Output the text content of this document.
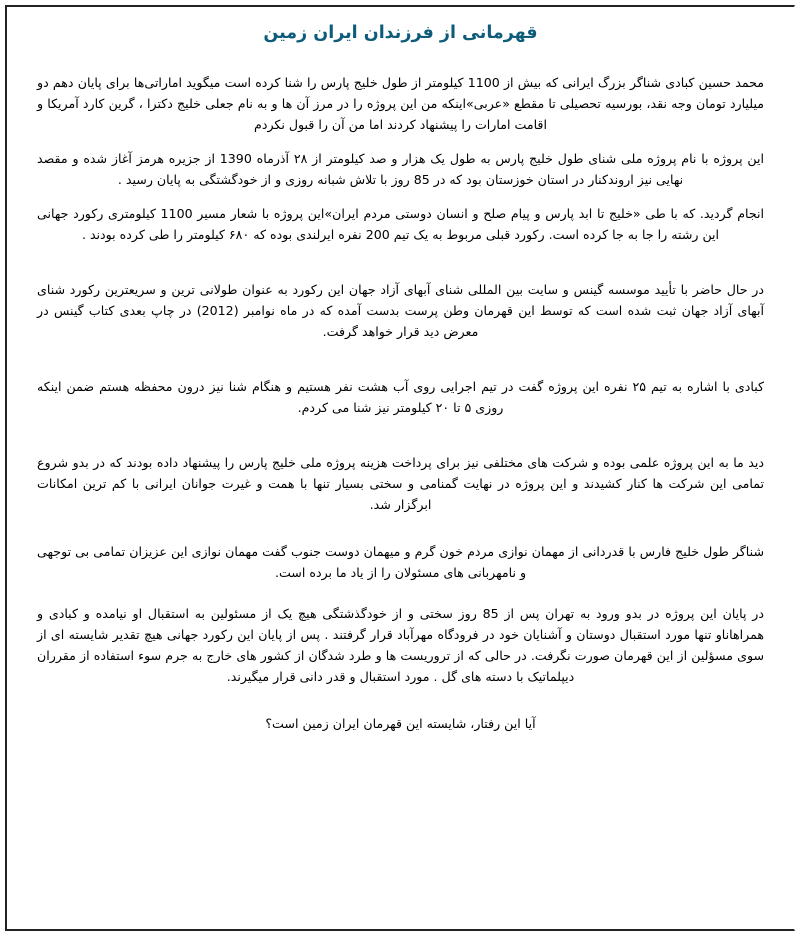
قهرمانی از فرزندان ایران زمین

محمد حسین کبادی شناگر بزرگ ایرانی که بیش از 1100 کیلومتر از طول خلیج پارس را شنا کرده است میگوید اماراتی‌ها برای پایان دهم دو میلیارد تومان وجه نقد، بورسیه تحصیلی تا مقطع «عربی»اینکه من این پروژه را در مرز آن ها و به نام جعلی خلیج دکترا ، گرین کارد آمریکا و اقامت امارات را پیشنهاد کردند اما من آن را قبول نکردم

این پروژه با نام پروژه ملی شنای طول خلیج پارس به طول یک هزار و صد کیلومتر از ۲۸ آذرماه 1390 از جزیره هرمز آغاز شده و مقصد نهایی نیز اروندکنار در استان خوزستان بود که در 85 روز با تلاش شبانه روزی و از خودگشتگی به پایان رسید .

انجام گردید. که با طی «خلیج تا ابد پارس و پیام صلح و انسان دوستی مردم ایران»این پروژه با شعار مسیر 1100 کیلومتری رکورد جهانی این رشته را جا به جا کرده است. رکورد قبلی مربوط به یک تیم 200 نفره ایرلندی بوده که ۶۸۰ کیلومتر را طی کرده بودند .

در حال حاضر با تأیید موسسه گینس و سایت بین المللی شنای آبهای آزاد جهان این رکورد به عنوان طولانی ترین و سریعترین رکورد شنای آبهای آزاد جهان ثبت شده است که توسط این قهرمان وطن پرست بدست آمده که در ماه نوامبر (2012) در چاپ بعدی کتاب گینس در معرض دید قرار خواهد گرفت.

کبادی با اشاره به تیم ۲۵ نفره این پروژه گفت در تیم اجرایی روی آب هشت نفر هستیم و هنگام شنا نیز درون محفظه هستم ضمن اینکه روزی ۵ تا ۲۰ کیلومتر نیز شنا می کردم.

دید ما به این پروژه علمی بوده و شرکت های مختلفی نیز برای پرداخت هزینه پروژه ملی خلیج پارس را پیشنهاد داده بودند که در بدو شروع تمامی این شرکت ها کنار کشیدند و این پروژه در نهایت گمنامی و سختی بسیار تنها با همت و غیرت جوانان ایرانی با کم ترین امکانات ابرگزار شد.

شناگر طول خلیج فارس با قدردانی از مهمان نوازی مردم خون گرم و میهمان دوست جنوب گفت مهمان نوازی این عزیزان تمامی بی توجهی و نامهربانی های مسئولان را از یاد ما برده است.

در پایان این پروژه در بدو ورود به تهران پس از 85 روز سختی و از خودگذشتگی هیچ یک از مسئولین به استقبال او نیامده و کبادی و همراهاناو تنها مورد استقبال دوستان و آشنایان خود در فرودگاه مهرآباد قرار گرفتند . پس از پایان این رکورد جهانی هیچ تقدیر شایسته ای از سوی مسؤلین از این قهرمان صورت نگرفت. در حالی که از تروریست ها و طرد شدگان از کشور های خارج به جرم سوء استفاده از مقرران دیپلماتیک با دسته های گل . مورد استقبال و قدر دانی قرار میگیرند.

آیا این رفتار، شایسته این قهرمان ایران زمین است؟
